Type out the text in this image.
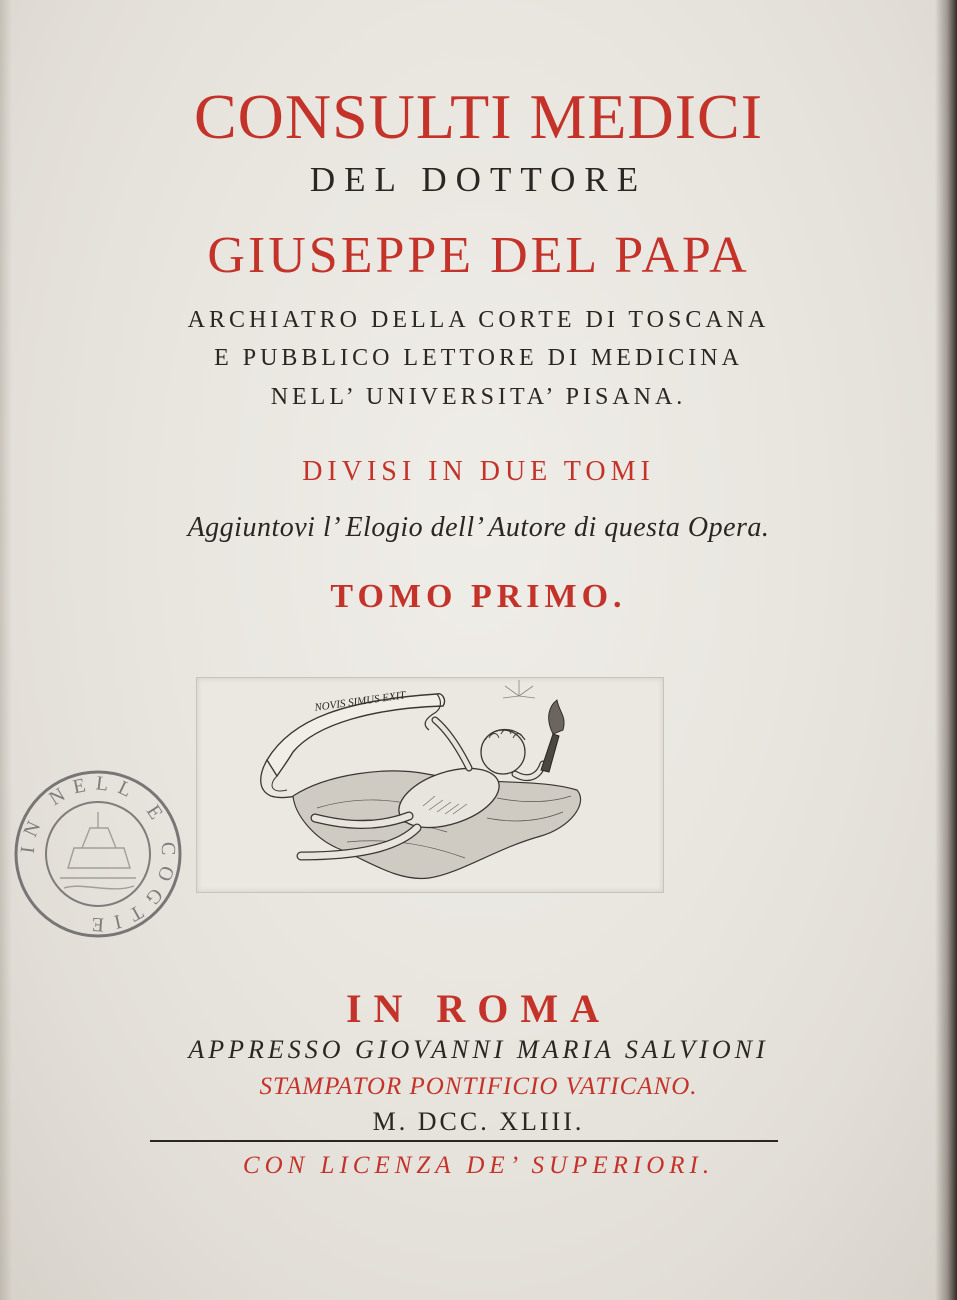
CONSULTI MEDICI

DEL DOTTORE

GIUSEPPE DEL PAPA

ARCHIATRO DELLA CORTE DI TOSCANA

E PUBBLICO LETTORE DI MEDICINA

NELL’ UNIVERSITA’ PISANA.

DIVISI IN DUE TOMI

Aggiuntovi l’ Elogio dell’ Autore di questa Opera.

TOMO PRIMO.

NOVIS SIMUS EXIT
IN NELL E COGTIE

IN ROMA

APPRESSO GIOVANNI MARIA SALVIONI

STAMPATOR PONTIFICIO VATICANO.

M. DCC. XLIII.

CON LICENZA DE’ SUPERIORI.
